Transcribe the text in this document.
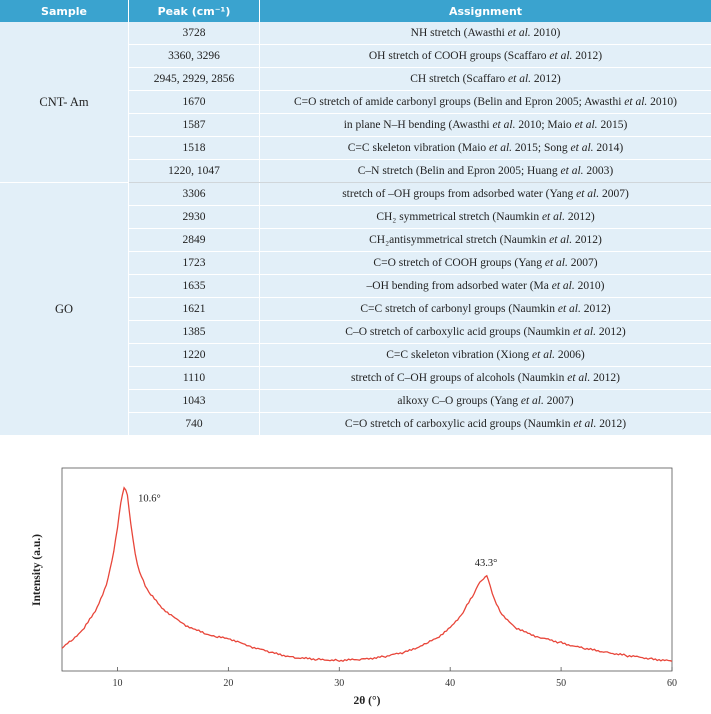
Sample	Peak (cm⁻¹)	Assignment
CNT- Am	3728	NH stretch (Awasthi et al. 2010)
	3360, 3296	OH stretch of COOH groups (Scaffaro et al. 2012)
	2945, 2929, 2856	CH stretch (Scaffaro et al. 2012)
	1670	C=O stretch of amide carbonyl groups (Belin and Epron 2005; Awasthi et al. 2010)
	1587	in plane N–H bending (Awasthi et al. 2010; Maio et al. 2015)
	1518	C=C skeleton vibration (Maio et al. 2015; Song et al. 2014)
	1220, 1047	C–N stretch (Belin and Epron 2005; Huang et al. 2003)
GO	3306	stretch of –OH groups from adsorbed water (Yang et al. 2007)
	2930	CH₂ symmetrical stretch (Naumkin et al. 2012)
	2849	CH₂antisymmetrical stretch (Naumkin et al. 2012)
	1723	C=O stretch of COOH groups (Yang et al. 2007)
	1635	–OH bending from adsorbed water (Ma et al. 2010)
	1621	C=C stretch of carbonyl groups (Naumkin et al. 2012)
	1385	C–O stretch of carboxylic acid groups (Naumkin et al. 2012)
	1220	C=C skeleton vibration (Xiong et al. 2006)
	1110	stretch of C–OH groups of alcohols (Naumkin et al. 2012)
	1043	alkoxy C–O groups (Yang et al. 2007)
	740	C=O stretch of carboxylic acid groups (Naumkin et al. 2012)
10	20	30	40	50	60
10.6°
43.3°
2θ (°)
Intensity (a.u.)
